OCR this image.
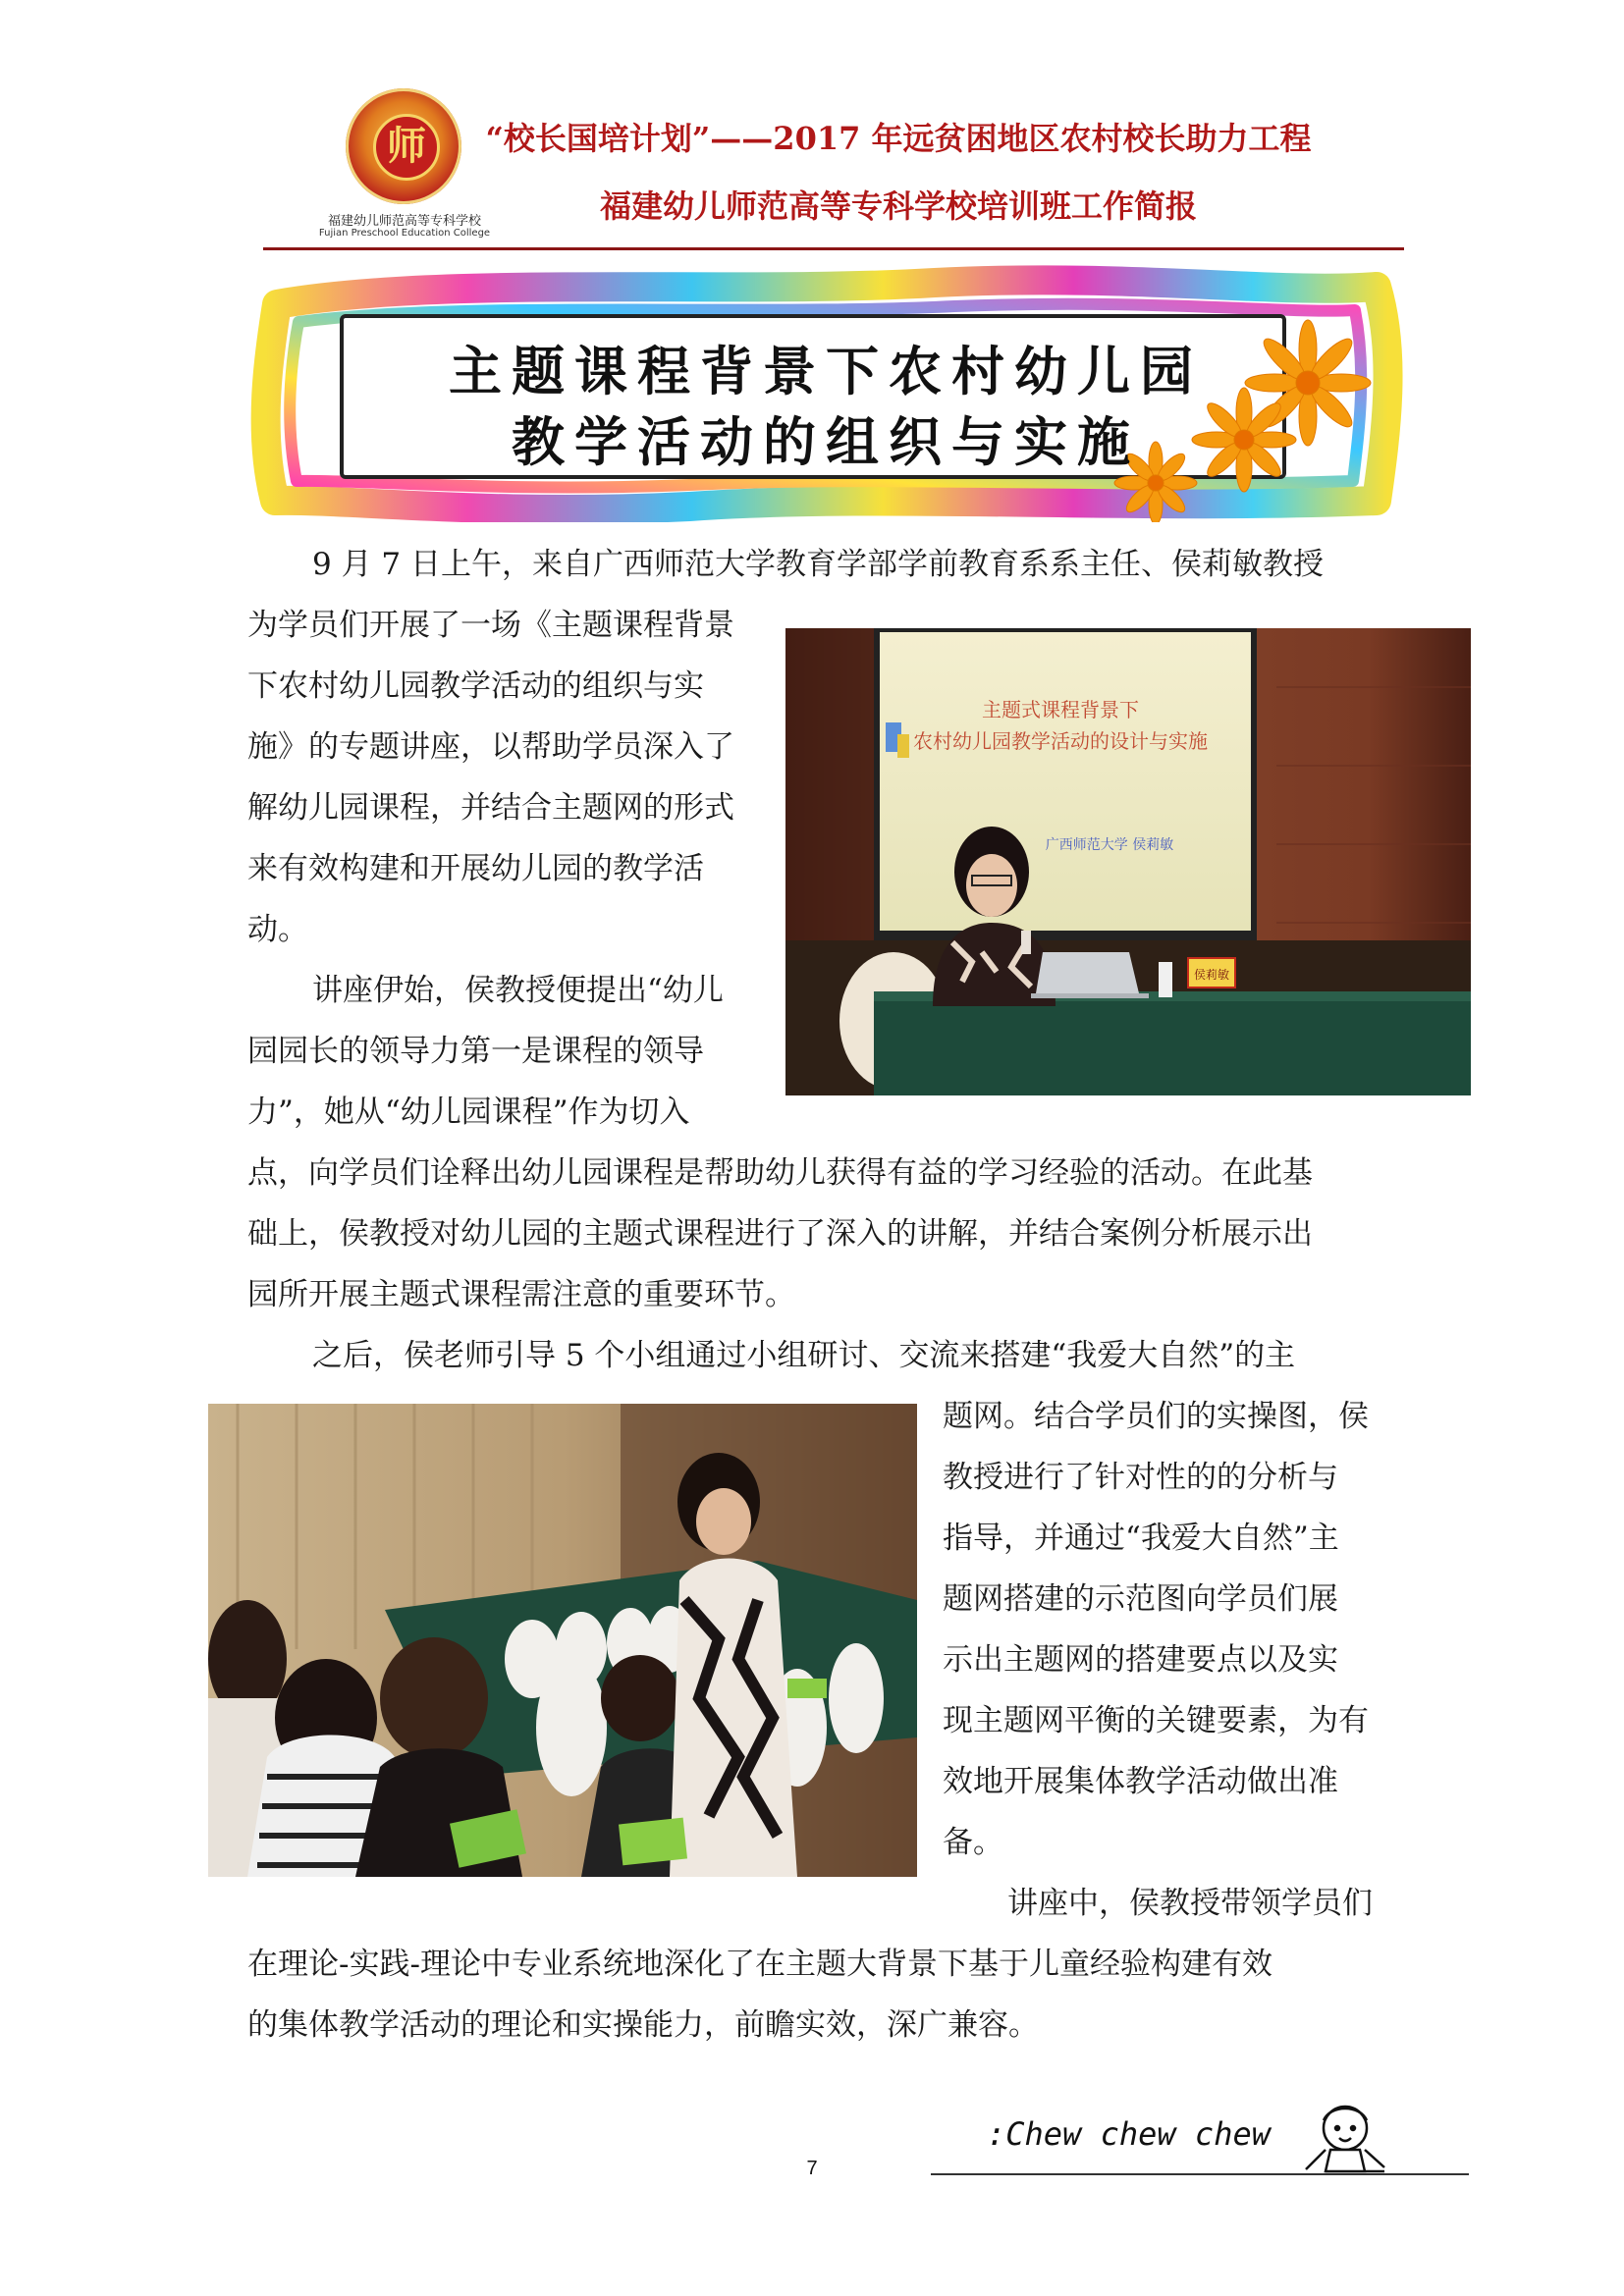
师
福建幼儿师范高等专科学校
Fujian Preschool Education College
“校长国培计划”——2017 年远贫困地区农村校长助力工程
福建幼儿师范高等专科学校培训班工作简报
主题课程背景下农村幼儿园
教学活动的组织与实施
9 月 7 日上午，来自广西师范大学教育学部学前教育系系主任、侯莉敏教授
为学员们开展了一场《主题课程背景
下农村幼儿园教学活动的组织与实
施》的专题讲座，以帮助学员深入了
解幼儿园课程，并结合主题网的形式
来有效构建和开展幼儿园的教学活
动。
主题式课程背景下
农村幼儿园教学活动的设计与实施
广西师范大学 侯莉敏
侯莉敏
讲座伊始，侯教授便提出“幼儿
园园长的领导力第一是课程的领导
力”，她从“幼儿园课程”作为切入
点，向学员们诠释出幼儿园课程是帮助幼儿获得有益的学习经验的活动。在此基
础上，侯教授对幼儿园的主题式课程进行了深入的讲解，并结合案例分析展示出
园所开展主题式课程需注意的重要环节。
之后，侯老师引导 5 个小组通过小组研讨、交流来搭建“我爱大自然”的主
题网。结合学员们的实操图，侯
教授进行了针对性的的分析与
指导，并通过“我爱大自然”主
题网搭建的示范图向学员们展
示出主题网的搭建要点以及实
现主题网平衡的关键要素，为有
效地开展集体教学活动做出准
备。
讲座中，侯教授带领学员们
在理论-实践-理论中专业系统地深化了在主题大背景下基于儿童经验构建有效
的集体教学活动的理论和实操能力，前瞻实效，深广兼容。
:Chew chew chew
7
